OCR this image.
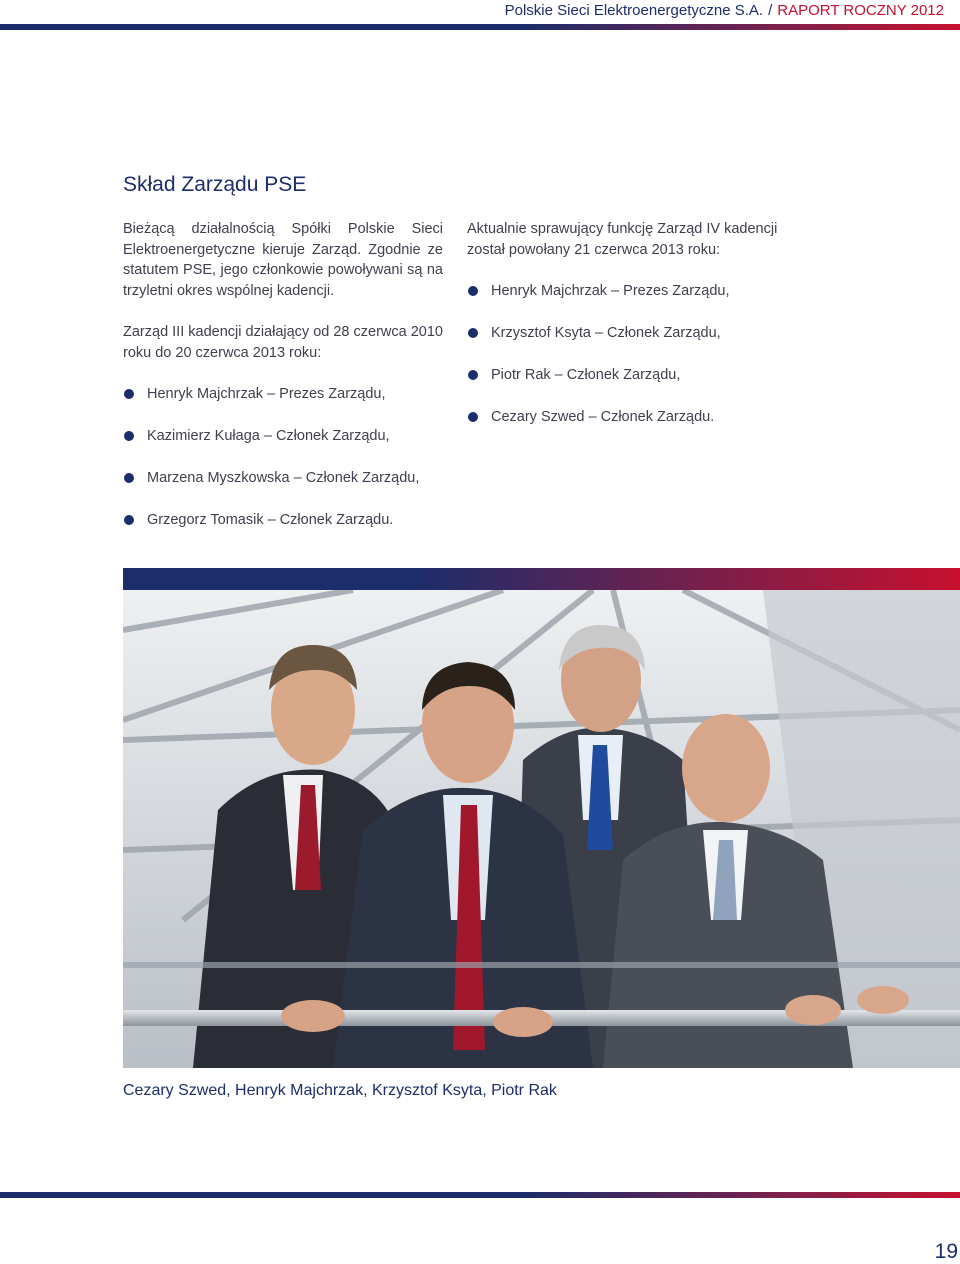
Polskie Sieci Elektroenergetyczne S.A. / RAPORT ROCZNY 2012
Skład Zarządu PSE

Bieżącą działalnością Spółki Polskie Sieci Elektroenergetyczne kieruje Zarząd. Zgodnie ze statutem PSE, jego członkowie powoływani są na trzyletni okres wspólnej kadencji.

Zarząd III kadencji działający od 28 czerwca 2010 roku do 20 czerwca 2013 roku:

Henryk Majchrzak – Prezes Zarządu,
Kazimierz Kułaga – Członek Zarządu,
Marzena Myszkowska – Członek Zarządu,
Grzegorz Tomasik – Członek Zarządu.

Aktualnie sprawujący funkcję Zarząd IV kadencji został powołany 21 czerwca 2013 roku:

Henryk Majchrzak – Prezes Zarządu,
Krzysztof Ksyta – Członek Zarządu,
Piotr Rak – Członek Zarządu,
Cezary Szwed – Członek Zarządu.
Cezary Szwed, Henryk Majchrzak, Krzysztof Ksyta, Piotr Rak
19
